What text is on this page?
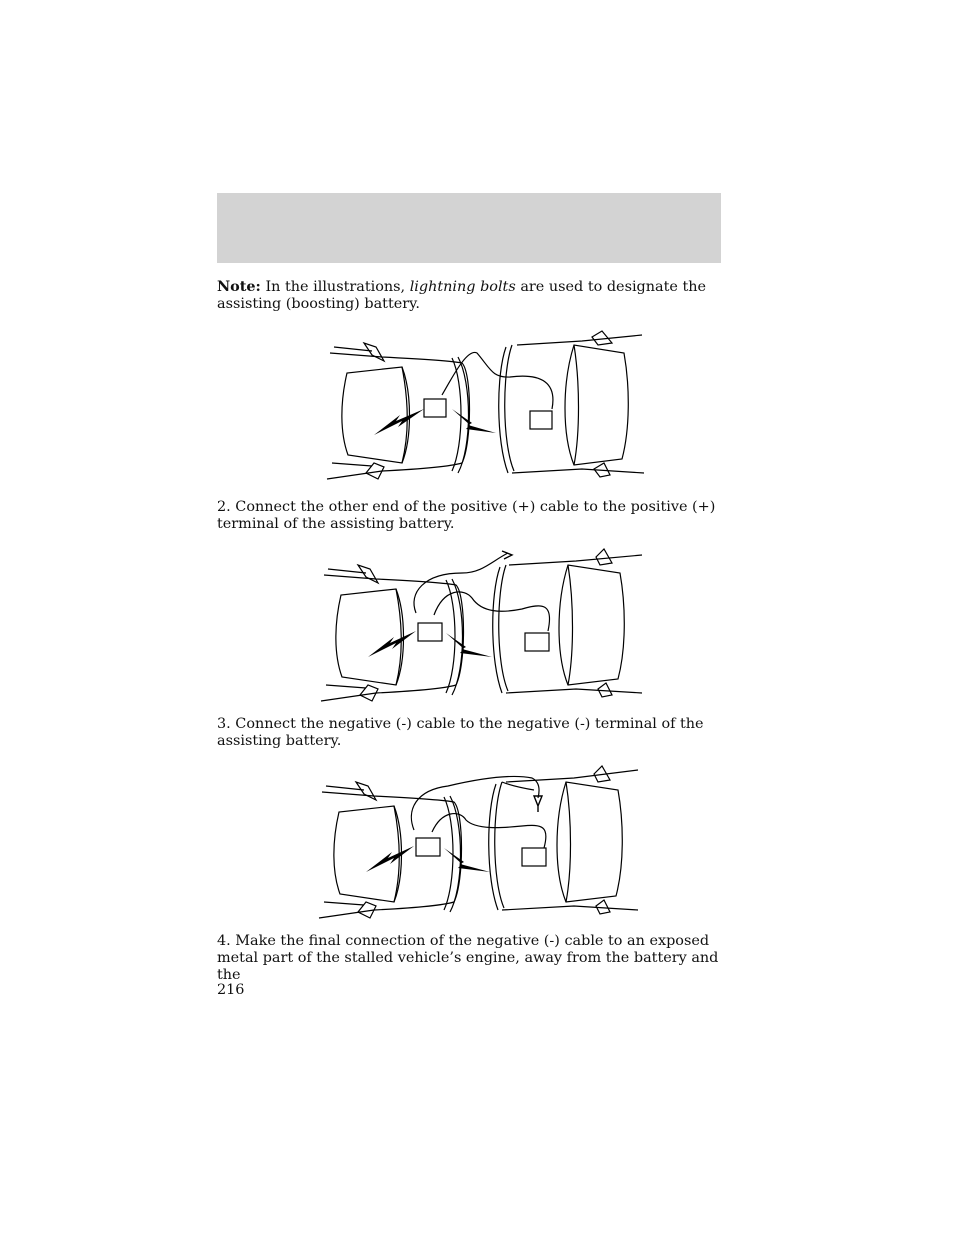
Note: In the illustrations, lightning bolts are used to designate the assisting (boosting) battery.

2. Connect the other end of the positive (+) cable to the positive (+) terminal of the assisting battery.

3. Connect the negative (-) cable to the negative (-) terminal of the assisting battery.

4. Make the final connection of the negative (-) cable to an exposed metal part of the stalled vehicle’s engine, away from the battery and the

216
